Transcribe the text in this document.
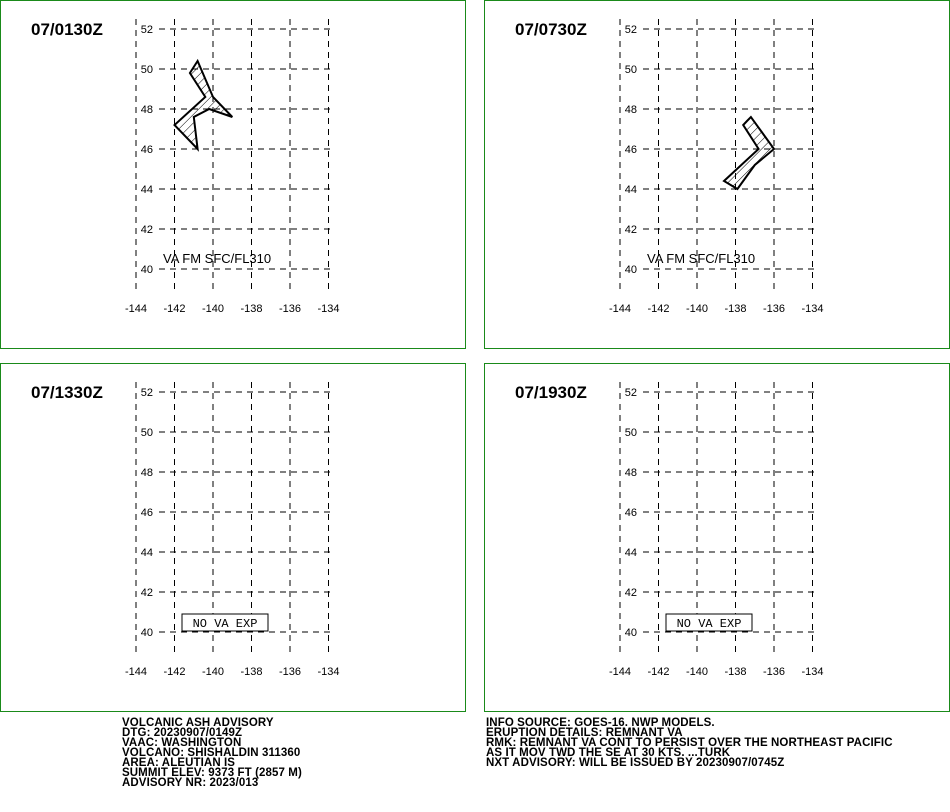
52
50
48
46
44
42
40
-144 -142 -140 -138 -136 -134
07/0130Z
VA FM SFC/FL310
52
50
48
46
44
42
40
-144 -142 -140 -138 -136 -134
07/0730Z
VA FM SFC/FL310
52
50
48
46
44
42
40
-144 -142 -140 -138 -136 -134
07/1330Z
NO VA EXP
52
50
48
46
44
42
40
-144 -142 -140 -138 -136 -134
07/1930Z
NO VA EXP
VOLCANIC ASH ADVISORY
DTG: 20230907/0149Z
VAAC: WASHINGTON
VOLCANO: SHISHALDIN 311360
AREA: ALEUTIAN IS
SUMMIT ELEV: 9373 FT (2857 M)
ADVISORY NR: 2023/013
INFO SOURCE: GOES-16. NWP MODELS.
ERUPTION DETAILS: REMNANT VA
RMK: REMNANT VA CONT TO PERSIST OVER THE NORTHEAST PACIFIC
AS IT MOV TWD THE SE AT 30 KTS. ...TURK
NXT ADVISORY: WILL BE ISSUED BY 20230907/0745Z
